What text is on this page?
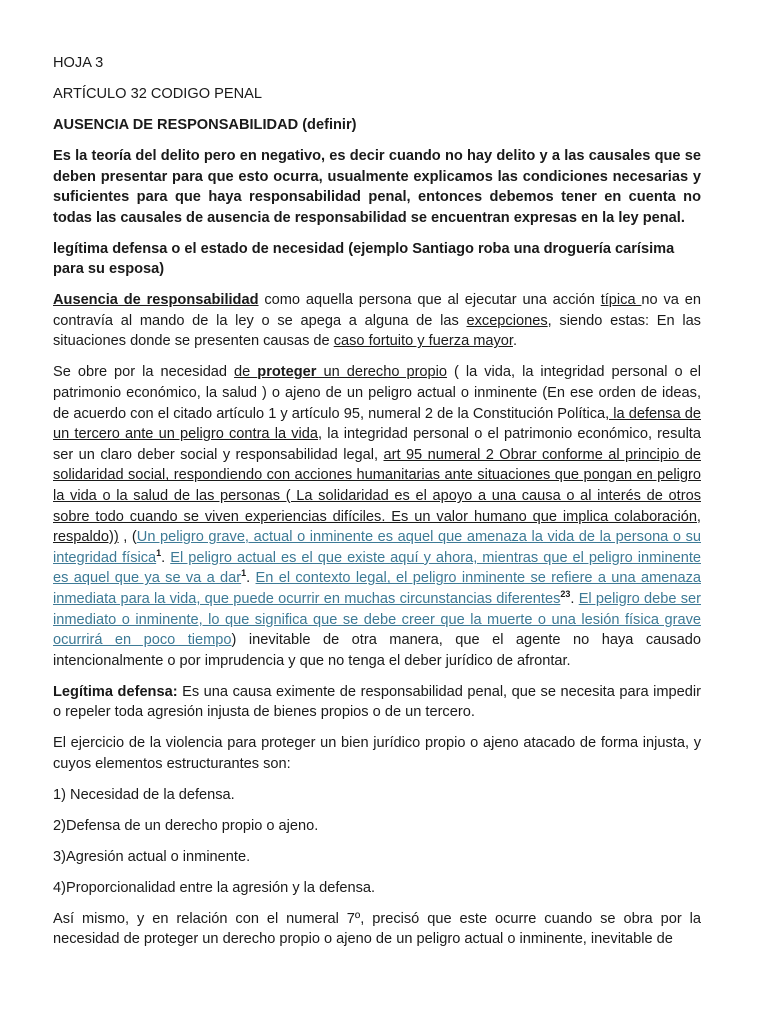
HOJA 3

ARTÍCULO 32 CODIGO PENAL

AUSENCIA DE RESPONSABILIDAD (definir)

Es la teoría del delito pero en negativo, es decir cuando no hay delito y a las causales que se deben presentar para que esto ocurra, usualmente explicamos las condiciones necesarias y suficientes para que haya responsabilidad penal, entonces debemos tener en cuenta no todas las causales de ausencia de responsabilidad se encuentran expresas en la ley penal.

legítima defensa o el estado de necesidad (ejemplo Santiago roba una droguería carísima para su esposa)

Ausencia de responsabilidad como aquella persona que al ejecutar una acción típica no va en contravía al mando de la ley o se apega a alguna de las excepciones, siendo estas: En las situaciones donde se presenten causas de caso fortuito y fuerza mayor.

Se obre por la necesidad de proteger un derecho propio ( la vida, la integridad personal o el patrimonio económico, la salud ) o ajeno de un peligro actual o inminente (En ese orden de ideas, de acuerdo con el citado artículo 1 y artículo 95, numeral 2 de la Constitución Política, la defensa de un tercero ante un peligro contra la vida, la integridad personal o el patrimonio económico, resulta ser un claro deber social y responsabilidad legal, art 95 numeral 2 Obrar conforme al principio de solidaridad social, respondiendo con acciones humanitarias ante situaciones que pongan en peligro la vida o la salud de las personas ( La solidaridad es el apoyo a una causa o al interés de otros sobre todo cuando se viven experiencias difíciles. Es un valor humano que implica colaboración, respaldo)) , (Un peligro grave, actual o inminente es aquel que amenaza la vida de la persona o su integridad física$^1$. El peligro actual es el que existe aquí y ahora, mientras que el peligro inminente es aquel que ya se va a dar$^1$. En el contexto legal, el peligro inminente se refiere a una amenaza inmediata para la vida, que puede ocurrir en muchas circunstancias diferentes$^{23}$. El peligro debe ser inmediato o inminente, lo que significa que se debe creer que la muerte o una lesión física grave ocurrirá en poco tiempo) inevitable de otra manera, que el agente no haya causado intencionalmente o por imprudencia y que no tenga el deber jurídico de afrontar.

Legítima defensa: Es una causa eximente de responsabilidad penal, que se necesita para impedir o repeler toda agresión injusta de bienes propios o de un tercero.

El ejercicio de la violencia para proteger un bien jurídico propio o ajeno atacado de forma injusta, y cuyos elementos estructurantes son:

1) Necesidad de la defensa.

2)Defensa de un derecho propio o ajeno.

3)Agresión actual o inminente.

4)Proporcionalidad entre la agresión y la defensa.

Así mismo, y en relación con el numeral 7º, precisó que este ocurre cuando se obra por la necesidad de proteger un derecho propio o ajeno de un peligro actual o inminente, inevitable de
